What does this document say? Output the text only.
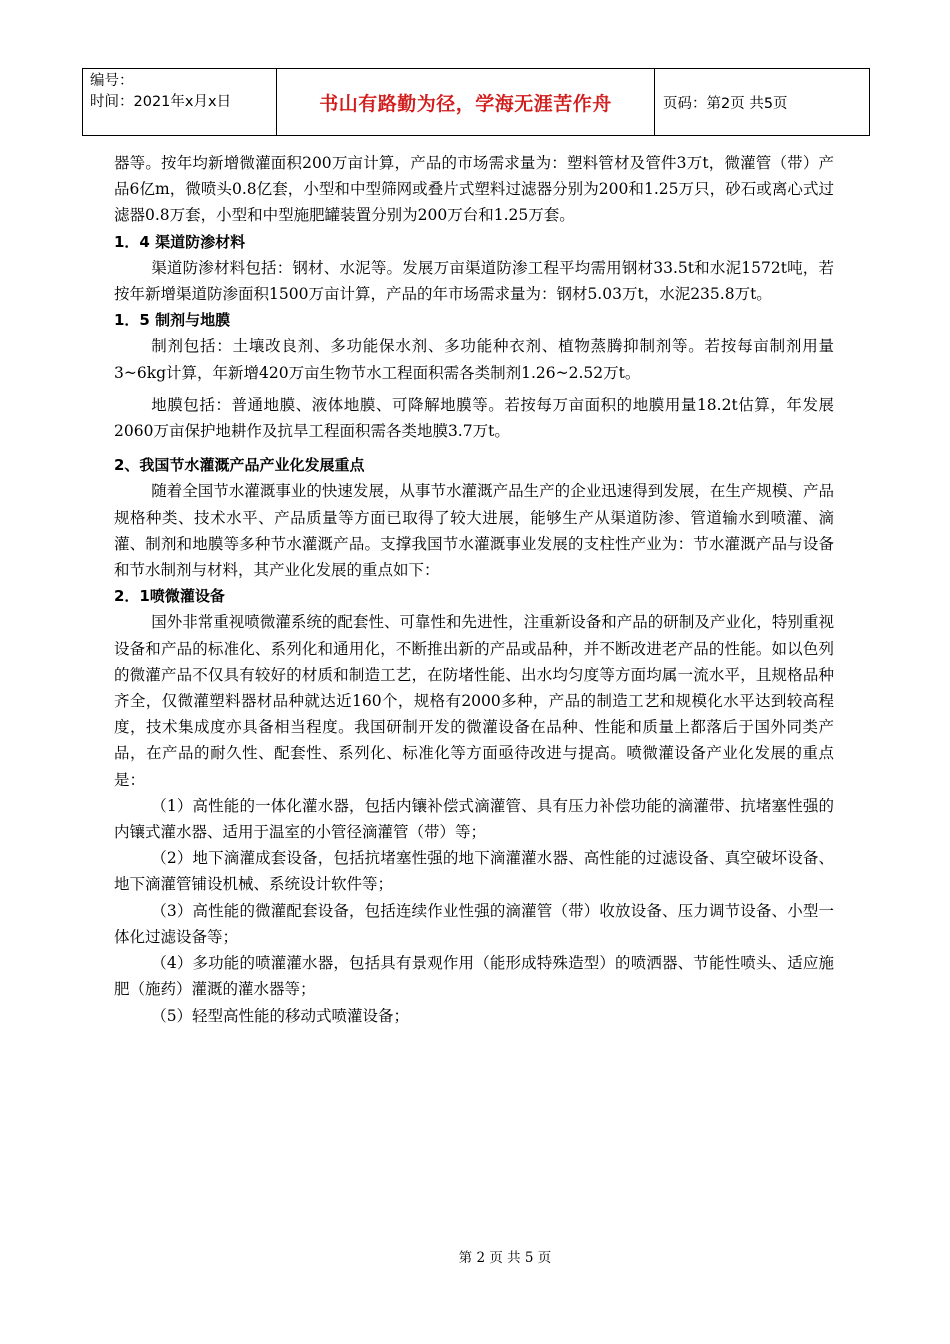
编号：
时间：2021年x月x日	书山有路勤为径，学海无涯苦作舟	页码：第2页 共5页

器等。按年均新增微灌面积200万亩计算，产品的市场需求量为：塑料管材及管件3万t，微灌管（带）产品6亿m，微喷头0.8亿套，小型和中型筛网或叠片式塑料过滤器分别为200和1.25万只，砂石或离心式过滤器0.8万套，小型和中型施肥罐装置分别为200万台和1.25万套。

1．4 渠道防渗材料

渠道防渗材料包括：钢材、水泥等。发展万亩渠道防渗工程平均需用钢材33.5t和水泥1572t吨，若按年新增渠道防渗面积1500万亩计算，产品的年市场需求量为：钢材5.03万t，水泥235.8万t。

1．5 制剂与地膜

制剂包括：土壤改良剂、多功能保水剂、多功能种衣剂、植物蒸腾抑制剂等。若按每亩制剂用量3~6kg计算，年新增420万亩生物节水工程面积需各类制剂1.26~2.52万t。

地膜包括：普通地膜、液体地膜、可降解地膜等。若按每万亩面积的地膜用量18.2t估算，年发展2060万亩保护地耕作及抗旱工程面积需各类地膜3.7万t。

2、我国节水灌溉产品产业化发展重点

随着全国节水灌溉事业的快速发展，从事节水灌溉产品生产的企业迅速得到发展，在生产规模、产品规格种类、技术水平、产品质量等方面已取得了较大进展，能够生产从渠道防渗、管道输水到喷灌、滴灌、制剂和地膜等多种节水灌溉产品。支撑我国节水灌溉事业发展的支柱性产业为：节水灌溉产品与设备和节水制剂与材料，其产业化发展的重点如下：

2．1喷微灌设备

国外非常重视喷微灌系统的配套性、可靠性和先进性，注重新设备和产品的研制及产业化，特别重视设备和产品的标准化、系列化和通用化，不断推出新的产品或品种，并不断改进老产品的性能。如以色列的微灌产品不仅具有较好的材质和制造工艺，在防堵性能、出水均匀度等方面均属一流水平，且规格品种齐全，仅微灌塑料器材品种就达近160个，规格有2000多种，产品的制造工艺和规模化水平达到较高程度，技术集成度亦具备相当程度。我国研制开发的微灌设备在品种、性能和质量上都落后于国外同类产品，在产品的耐久性、配套性、系列化、标准化等方面亟待改进与提高。喷微灌设备产业化发展的重点是：

（1）高性能的一体化灌水器，包括内镶补偿式滴灌管、具有压力补偿功能的滴灌带、抗堵塞性强的内镶式灌水器、适用于温室的小管径滴灌管（带）等；

（2）地下滴灌成套设备，包括抗堵塞性强的地下滴灌灌水器、高性能的过滤设备、真空破坏设备、地下滴灌管铺设机械、系统设计软件等；

（3）高性能的微灌配套设备，包括连续作业性强的滴灌管（带）收放设备、压力调节设备、小型一体化过滤设备等；

（4）多功能的喷灌灌水器，包括具有景观作用（能形成特殊造型）的喷洒器、节能性喷头、适应施肥（施药）灌溉的灌水器等；

（5）轻型高性能的移动式喷灌设备；

第 2 页 共 5 页
